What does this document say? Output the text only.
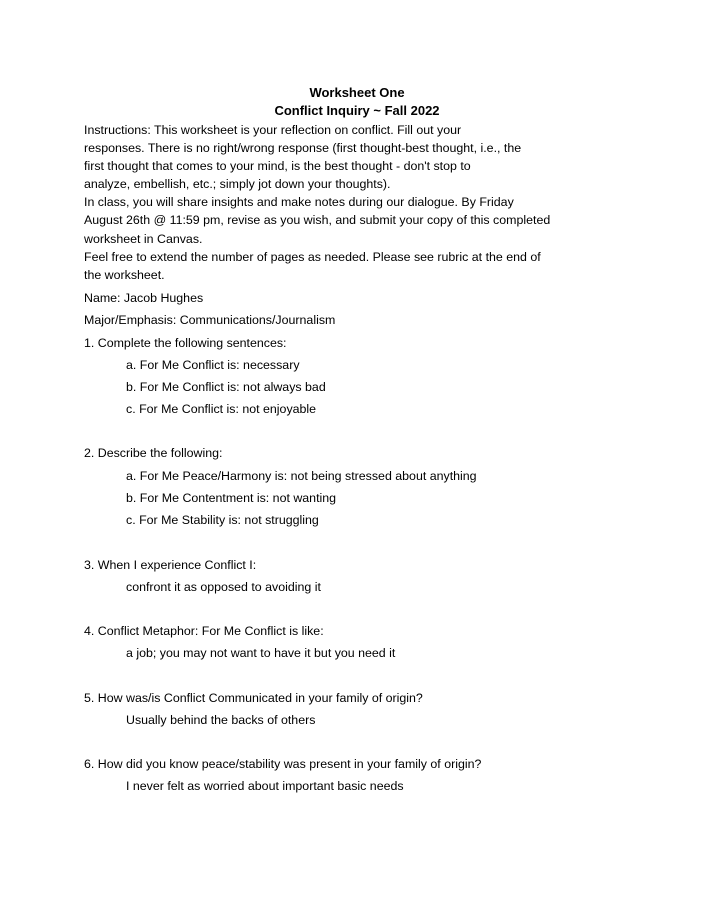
Worksheet One
Conflict Inquiry ~ Fall 2022
Instructions: This worksheet is your reflection on conflict. Fill out your
responses. There is no right/wrong response (first thought-best thought, i.e., the
first thought that comes to your mind, is the best thought - don't stop to
analyze, embellish, etc.; simply jot down your thoughts).
In class, you will share insights and make notes during our dialogue. By Friday
August 26th @ 11:59 pm, revise as you wish, and submit your copy of this completed
worksheet in Canvas.
Feel free to extend the number of pages as needed. Please see rubric at the end of
the worksheet.
Name: Jacob Hughes
Major/Emphasis: Communications/Journalism
1. Complete the following sentences:
a. For Me Conflict is: necessary
b. For Me Conflict is: not always bad
c. For Me Conflict is: not enjoyable
2. Describe the following:
a. For Me Peace/Harmony is: not being stressed about anything
b. For Me Contentment is: not wanting
c. For Me Stability is: not struggling
3. When I experience Conflict I:
confront it as opposed to avoiding it
4. Conflict Metaphor: For Me Conflict is like:
a job; you may not want to have it but you need it
5. How was/is Conflict Communicated in your family of origin?
Usually behind the backs of others
6. How did you know peace/stability was present in your family of origin?
I never felt as worried about important basic needs
